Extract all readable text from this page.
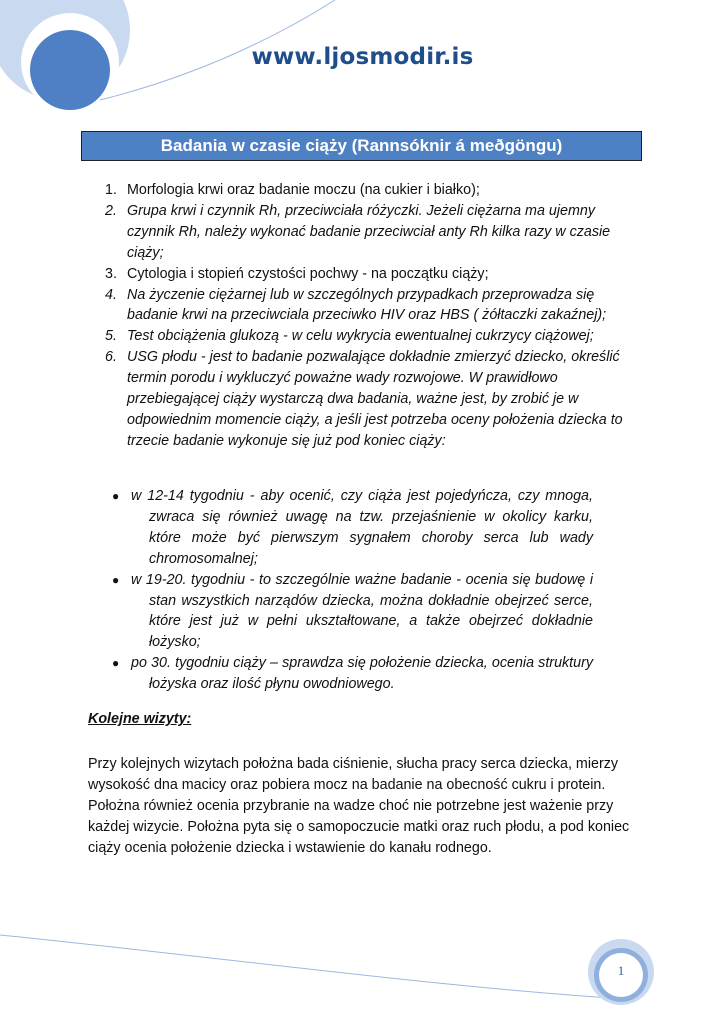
www.ljosmodir.is
Badania w czasie ciąży (Rannsóknir á meðgöngu)
1. Morfologia krwi oraz badanie moczu (na cukier i białko);
2. Grupa krwi i czynnik Rh, przeciwciała różyczki. Jeżeli ciężarna ma ujemny czynnik Rh, należy wykonać badanie przeciwciał anty Rh kilka razy w czasie ciąży;
3. Cytologia i stopień czystości pochwy - na początku ciąży;
4. Na życzenie ciężarnej lub w szczególnych przypadkach przeprowadza się badanie krwi na przeciwciala przeciwko HIV oraz HBS ( żółtaczki zakaźnej);
5. Test obciążenia glukozą - w celu wykrycia ewentualnej cukrzycy ciążowej;
6. USG płodu - jest to badanie pozwalające dokładnie zmierzyć dziecko, określić termin porodu i wykluczyć poważne wady rozwojowe. W prawidłowo przebiegającej ciąży wystarczą dwa badania, ważne jest, by zrobić je w odpowiednim momencie ciąży, a jeśli jest potrzeba oceny położenia dziecka to trzecie badanie wykonuje się już pod koniec ciąży:
● w 12-14 tygodniu - aby ocenić, czy ciąża jest pojedyńcza, czy mnoga, zwraca się również uwagę na tzw. przejaśnienie w okolicy karku, które może być pierwszym sygnałem choroby serca lub wady chromosomalnej;
● w 19-20. tygodniu - to szczególnie ważne badanie - ocenia się budowę i stan wszystkich narządów dziecka, można dokładnie obejrzeć serce, które jest już w pełni ukształtowane, a także obejrzeć dokładnie łożysko;
● po 30. tygodniu ciąży – sprawdza się położenie dziecka, ocenia struktury łożyska oraz ilość płynu owodniowego.
Kolejne wizyty:

Przy kolejnych wizytach położna bada ciśnienie, słucha pracy serca dziecka, mierzy wysokość dna macicy oraz pobiera mocz na badanie na obecność cukru i protein. Położna również ocenia przybranie na wadze choć nie potrzebne jest ważenie przy każdej wizycie. Położna pyta się o samopoczucie matki oraz ruch płodu, a pod koniec ciąży ocenia położenie dziecka i wstawienie do kanału rodnego.

1
